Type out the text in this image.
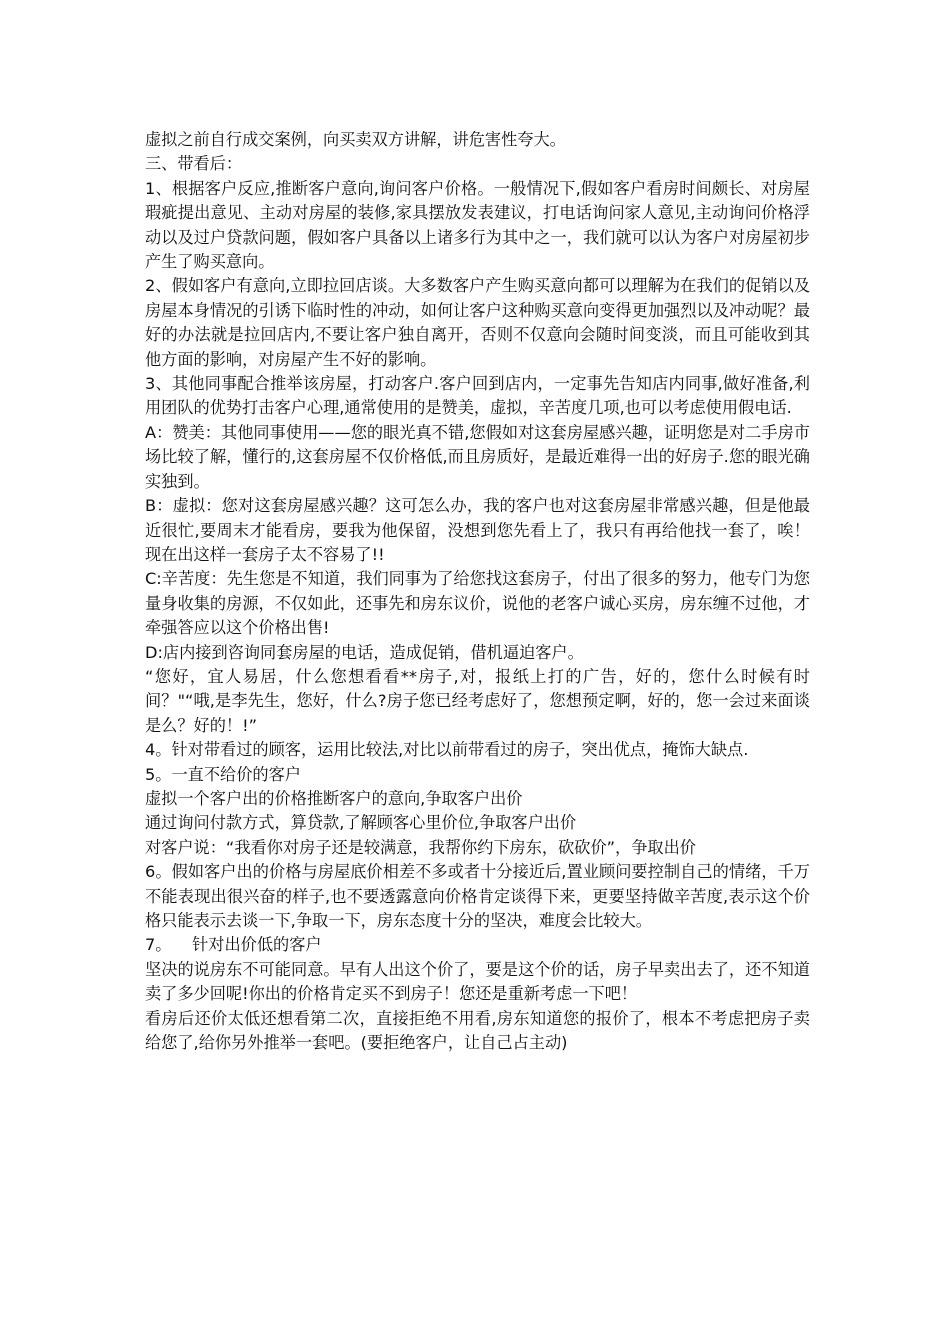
虚拟之前自行成交案例，向买卖双方讲解，讲危害性夸大。

三、带看后：

1、根据客户反应,推断客户意向,询问客户价格。一般情况下,假如客户看房时间颇长、对房屋瑕疵提出意见、主动对房屋的装修,家具摆放发表建议，打电话询问家人意见,主动询问价格浮动以及过户贷款问题，假如客户具备以上诸多行为其中之一，我们就可以认为客户对房屋初步产生了购买意向。

2、假如客户有意向,立即拉回店谈。大多数客户产生购买意向都可以理解为在我们的促销以及房屋本身情况的引诱下临时性的冲动，如何让客户这种购买意向变得更加强烈以及冲动呢？最好的办法就是拉回店内,不要让客户独自离开，否则不仅意向会随时间变淡，而且可能收到其他方面的影响，对房屋产生不好的影响。

3、其他同事配合推举该房屋，打动客户.客户回到店内，一定事先告知店内同事,做好准备,利用团队的优势打击客户心理,通常使用的是赞美，虚拟，辛苦度几项,也可以考虑使用假电话.

A：赞美：其他同事使用——您的眼光真不错,您假如对这套房屋感兴趣，证明您是对二手房市场比较了解，懂行的,这套房屋不仅价格低,而且房质好，是最近难得一出的好房子.您的眼光确实独到。

B：虚拟：您对这套房屋感兴趣？这可怎么办，我的客户也对这套房屋非常感兴趣，但是他最近很忙,要周末才能看房，要我为他保留，没想到您先看上了，我只有再给他找一套了，唉！现在出这样一套房子太不容易了!!

C:辛苦度：先生您是不知道，我们同事为了给您找这套房子，付出了很多的努力，他专门为您量身收集的房源，不仅如此，还事先和房东议价，说他的老客户诚心买房，房东缠不过他，才牵强答应以这个价格出售!

D:店内接到咨询同套房屋的电话，造成促销，借机逼迫客户。

“您好，宜人易居，什么您想看看**房子,对，报纸上打的广告，好的，您什么时候有时间？"“哦,是李先生，您好，什么?房子您已经考虑好了，您想预定啊，好的，您一会过来面谈是么？好的！!”

4。针对带看过的顾客，运用比较法,对比以前带看过的房子，突出优点，掩饰大缺点.

5。一直不给价的客户

虚拟一个客户出的价格推断客户的意向,争取客户出价

通过询问付款方式，算贷款,了解顾客心里价位,争取客户出价

对客户说：“我看你对房子还是较满意，我帮你约下房东，砍砍价”，争取出价

6。假如客户出的价格与房屋底价相差不多或者十分接近后,置业顾问要控制自己的情绪，千万不能表现出很兴奋的样子,也不要透露意向价格肯定谈得下来，更要坚持做辛苦度,表示这个价格只能表示去谈一下,争取一下，房东态度十分的坚决，难度会比较大。

7。    针对出价低的客户

坚决的说房东不可能同意。早有人出这个价了，要是这个价的话，房子早卖出去了，还不知道卖了多少回呢!你出的价格肯定买不到房子！您还是重新考虑一下吧！

看房后还价太低还想看第二次，直接拒绝不用看,房东知道您的报价了，根本不考虑把房子卖给您了,给你另外推举一套吧。(要拒绝客户，让自己占主动)
